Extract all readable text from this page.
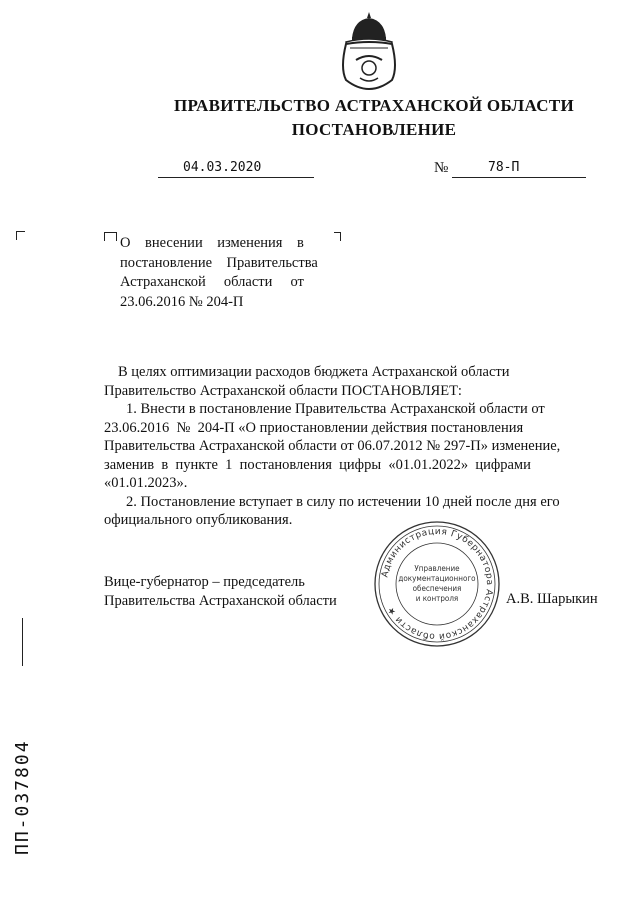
ПРАВИТЕЛЬСТВО АСТРАХАНСКОЙ ОБЛАСТИ
ПОСТАНОВЛЕНИЕ
04.03.2020	№	78-П
О    внесении    изменения    в
постановление    Правительства
Астраханской     области     от
23.06.2016 № 204-П
В целях оптимизации расходов бюджета Астраханской области
Правительство Астраханской области ПОСТАНОВЛЯЕТ:
1. Внести в постановление Правительства Астраханской области от
23.06.2016  №  204-П «О приостановлении действия постановления
Правительства Астраханской области от 06.07.2012 № 297-П» изменение,
заменив  в  пункте  1  постановления  цифры  «01.01.2022»  цифрами
«01.01.2023».
2. Постановление вступает в силу по истечении 10 дней после дня его
официального опубликования.
Вице-губернатор – председатель
Правительства Астраханской области	А.В. Шарыкин
Администрация Губернатора Астраханской области ★
Управление
документационного
обеспечения
и контроля
ПП-037804
